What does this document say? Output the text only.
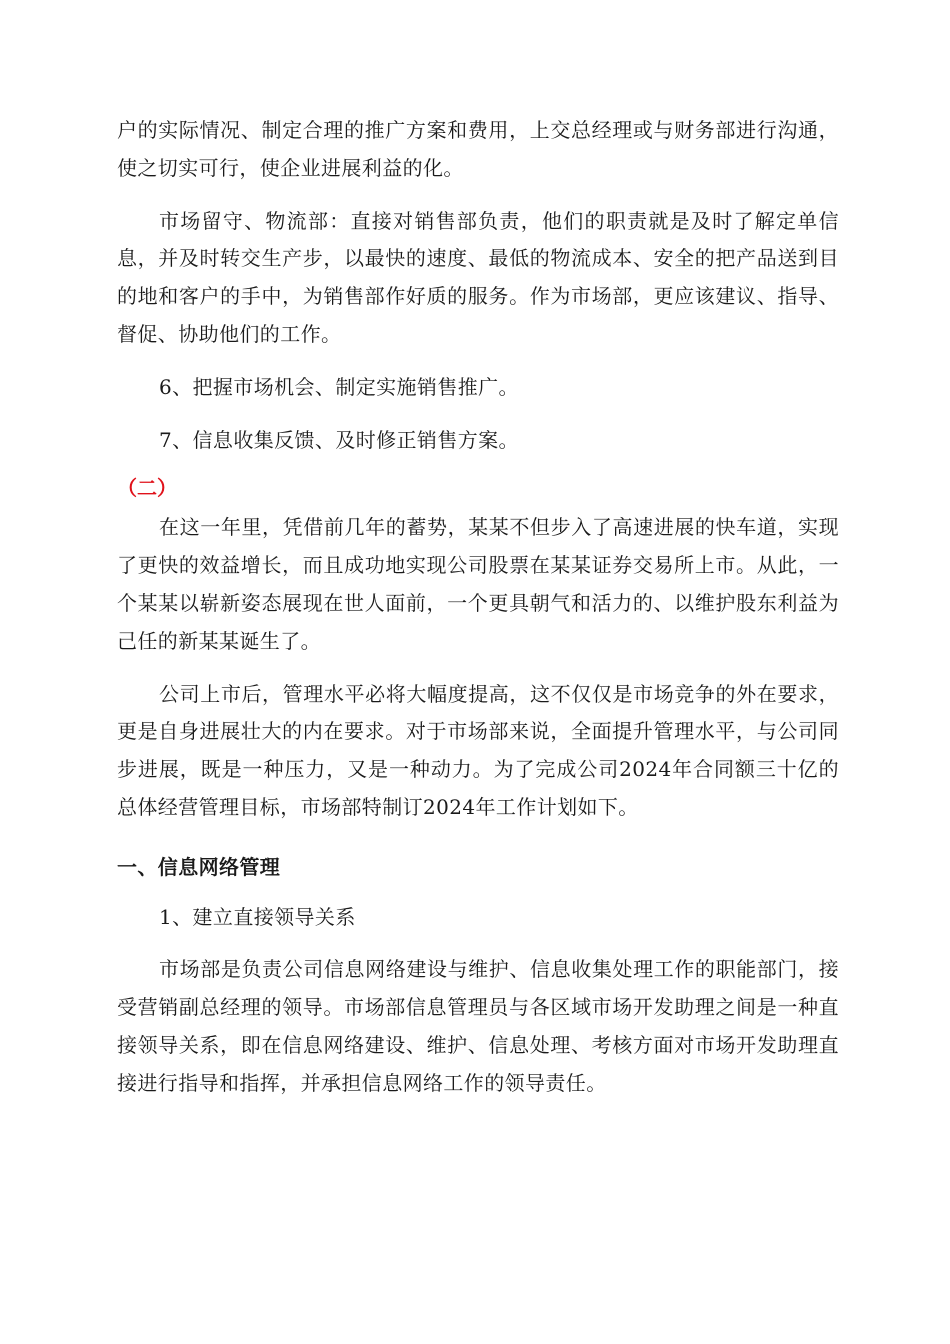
户的实际情况、制定合理的推广方案和费用，上交总经理或与财务部进行沟通，使之切实可行，使企业进展利益的化。

市场留守、物流部：直接对销售部负责，他们的职责就是及时了解定单信息，并及时转交生产步，以最快的速度、最低的物流成本、安全的把产品送到目的地和客户的手中，为销售部作好质的服务。作为市场部，更应该建议、指导、督促、协助他们的工作。

6、把握市场机会、制定实施销售推广。

7、信息收集反馈、及时修正销售方案。

（二）

在这一年里，凭借前几年的蓄势，某某不但步入了高速进展的快车道，实现了更快的效益增长，而且成功地实现公司股票在某某证券交易所上市。从此，一个某某以崭新姿态展现在世人面前，一个更具朝气和活力的、以维护股东利益为己任的新某某诞生了。

公司上市后，管理水平必将大幅度提高，这不仅仅是市场竞争的外在要求，更是自身进展壮大的内在要求。对于市场部来说，全面提升管理水平，与公司同步进展，既是一种压力，又是一种动力。为了完成公司2024年合同额三十亿的总体经营管理目标，市场部特制订2024年工作计划如下。

一、信息网络管理

1、建立直接领导关系

市场部是负责公司信息网络建设与维护、信息收集处理工作的职能部门，接受营销副总经理的领导。市场部信息管理员与各区域市场开发助理之间是一种直接领导关系，即在信息网络建设、维护、信息处理、考核方面对市场开发助理直接进行指导和指挥，并承担信息网络工作的领导责任。
